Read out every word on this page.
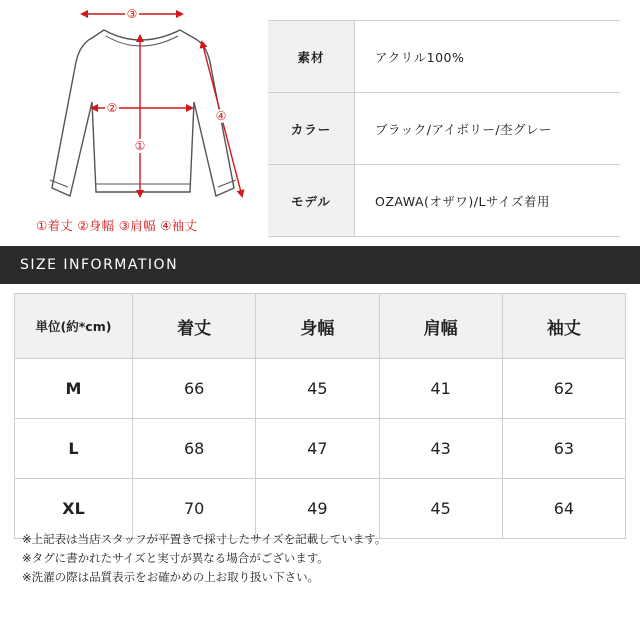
③
②
①
④
①着丈 ②身幅 ③肩幅 ④袖丈
素材	アクリル100%
カラー	ブラック/アイボリー/杢グレー
モデル	OZAWA(オザワ)/Lサイズ着用
SIZE INFORMATION
単位(約*cm)	着丈	身幅	肩幅	袖丈
M	66	45	41	62
L	68	47	43	63
XL	70	49	45	64
※上記表は当店スタッフが平置きで採寸したサイズを記載しています。
※タグに書かれたサイズと実寸が異なる場合がございます。
※洗濯の際は品質表示をお確かめの上お取り扱い下さい。
